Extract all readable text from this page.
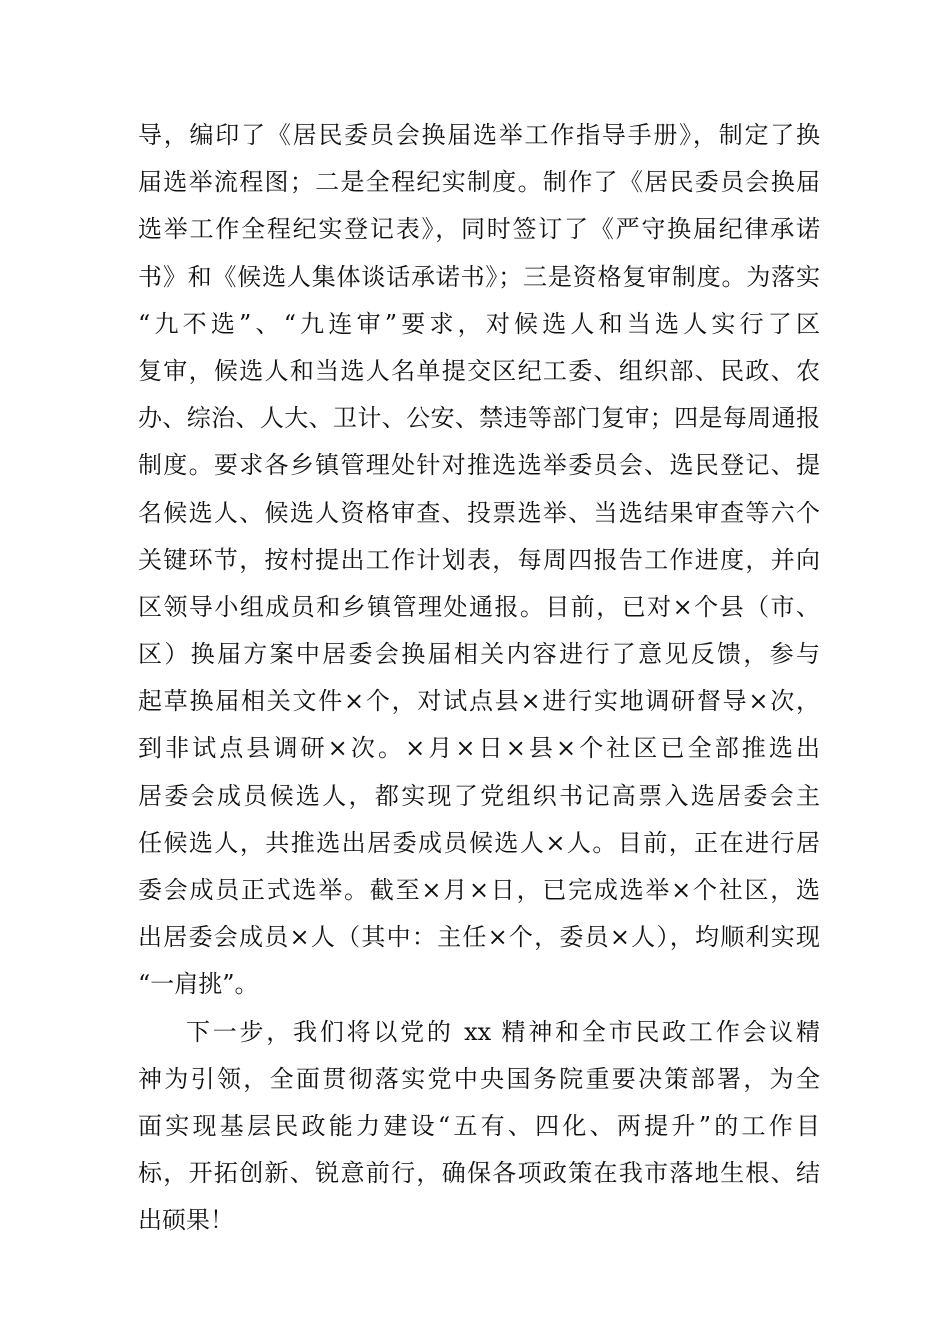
导，编印了《居民委员会换届选举工作指导手册》，制定了换
届选举流程图；二是全程纪实制度。制作了《居民委员会换届
选举工作全程纪实登记表》，同时签订了《严守换届纪律承诺
书》和《候选人集体谈话承诺书》；三是资格复审制度。为落实
“九不选”、“九连审”要求，对候选人和当选人实行了区
复审，候选人和当选人名单提交区纪工委、组织部、民政、农
办、综治、人大、卫计、公安、禁违等部门复审；四是每周通报
制度。要求各乡镇管理处针对推选选举委员会、选民登记、提
名候选人、候选人资格审查、投票选举、当选结果审查等六个
关键环节，按村提出工作计划表，每周四报告工作进度，并向
区领导小组成员和乡镇管理处通报。目前，已对×个县（市、
区）换届方案中居委会换届相关内容进行了意见反馈，参与
起草换届相关文件×个，对试点县×进行实地调研督导×次，
到非试点县调研×次。×月×日×县×个社区已全部推选出
居委会成员候选人，都实现了党组织书记高票入选居委会主
任候选人，共推选出居委成员候选人×人。目前，正在进行居
委会成员正式选举。截至×月×日，已完成选举×个社区，选
出居委会成员×人（其中：主任×个，委员×人），均顺利实现
“一肩挑”。
下一步，我们将以党的 xx 精神和全市民政工作会议精
神为引领，全面贯彻落实党中央国务院重要决策部署，为全
面实现基层民政能力建设“五有、四化、两提升”的工作目
标，开拓创新、锐意前行，确保各项政策在我市落地生根、结
出硕果！
